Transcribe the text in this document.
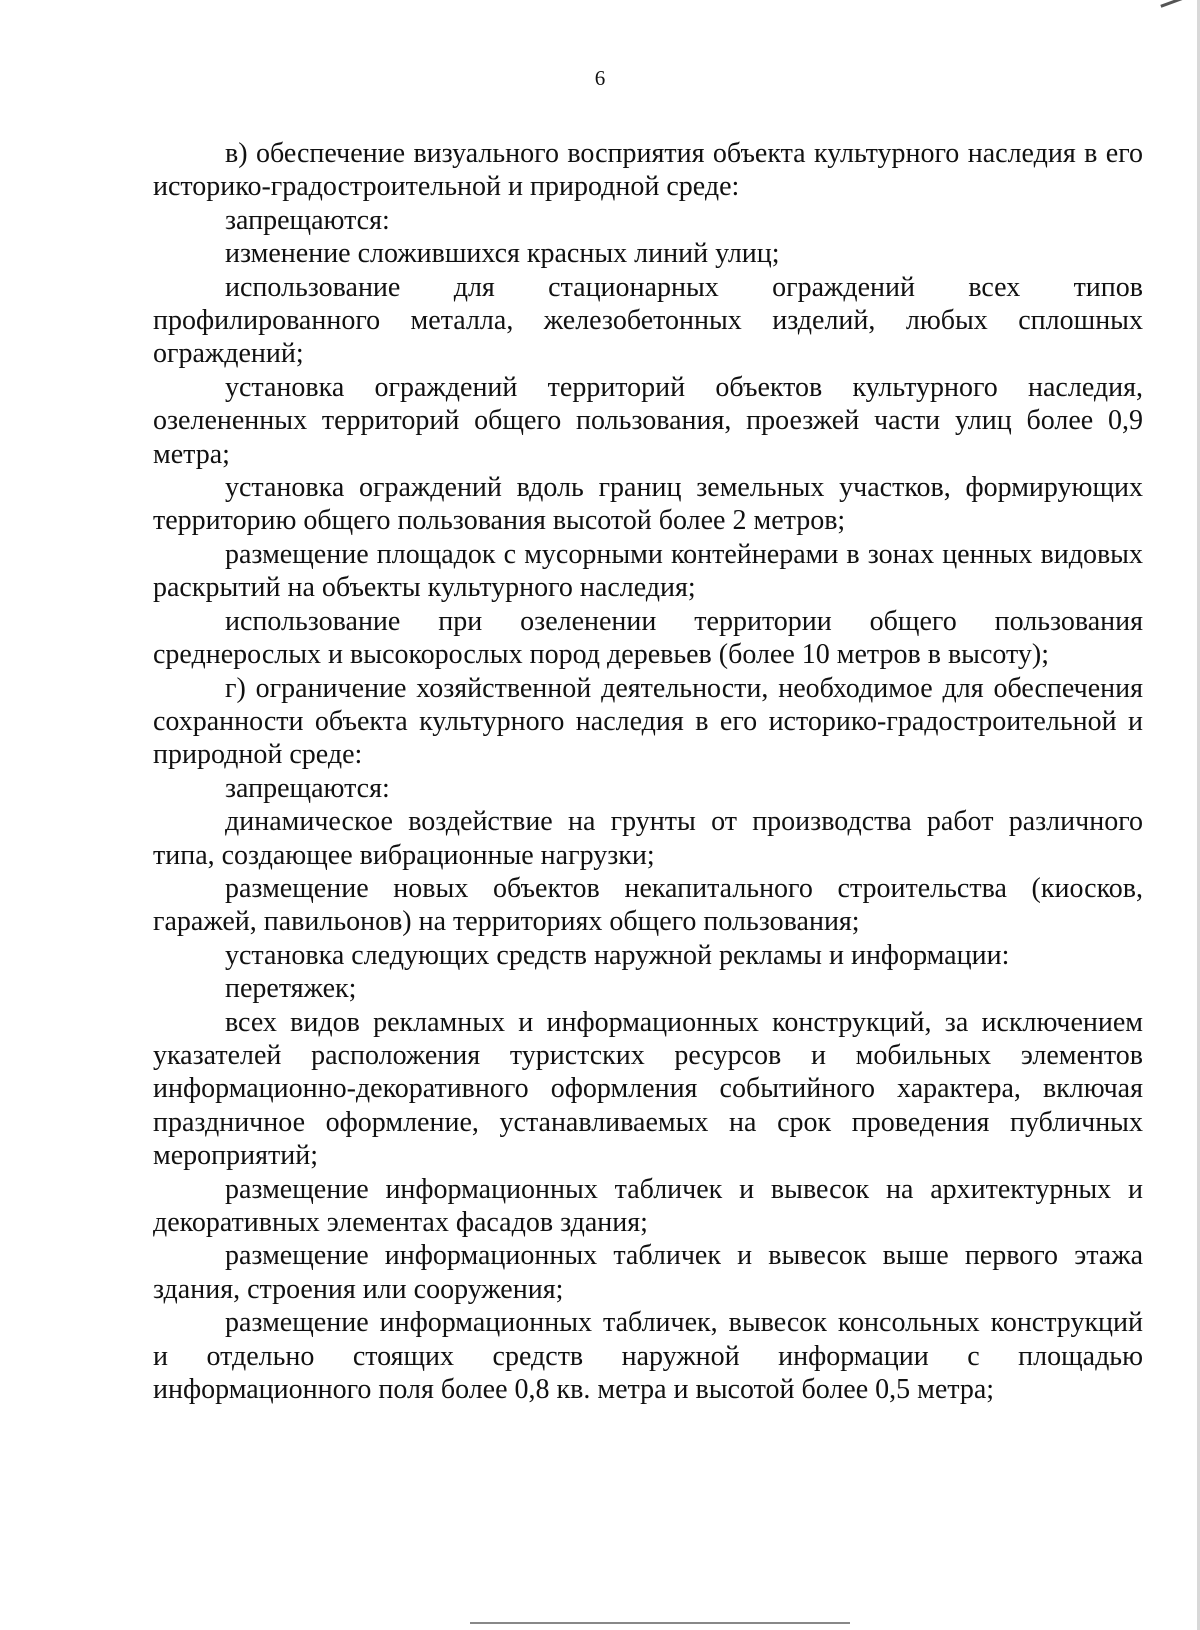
6

в) обеспечение визуального восприятия объекта культурного наследия в его историко-градостроительной и природной среде:

запрещаются:

изменение сложившихся красных линий улиц;

использование для стационарных ограждений всех типов профилированного металла, железобетонных изделий, любых сплошных ограждений;

установка ограждений территорий объектов культурного наследия, озелененных территорий общего пользования, проезжей части улиц более 0,9 метра;

установка ограждений вдоль границ земельных участков, формирующих территорию общего пользования высотой более 2 метров;

размещение площадок с мусорными контейнерами в зонах ценных видовых раскрытий на объекты культурного наследия;

использование при озеленении территории общего пользования среднерослых и высокорослых пород деревьев (более 10 метров в высоту);

г) ограничение хозяйственной деятельности, необходимое для обеспечения сохранности объекта культурного наследия в его историко-градостроительной и природной среде:

запрещаются:

динамическое воздействие на грунты от производства работ различного типа, создающее вибрационные нагрузки;

размещение новых объектов некапитального строительства (киосков, гаражей, павильонов) на территориях общего пользования;

установка следующих средств наружной рекламы и информации:

перетяжек;

всех видов рекламных и информационных конструкций, за исключением указателей расположения туристских ресурсов и мобильных элементов информационно-декоративного оформления событийного характера, включая праздничное оформление, устанавливаемых на срок проведения публичных мероприятий;

размещение информационных табличек и вывесок на архитектурных и декоративных элементах фасадов здания;

размещение информационных табличек и вывесок выше первого этажа здания, строения или сооружения;

размещение информационных табличек, вывесок консольных конструкций и отдельно стоящих средств наружной информации с площадью информационного поля более 0,8 кв. метра и высотой более 0,5 метра;
